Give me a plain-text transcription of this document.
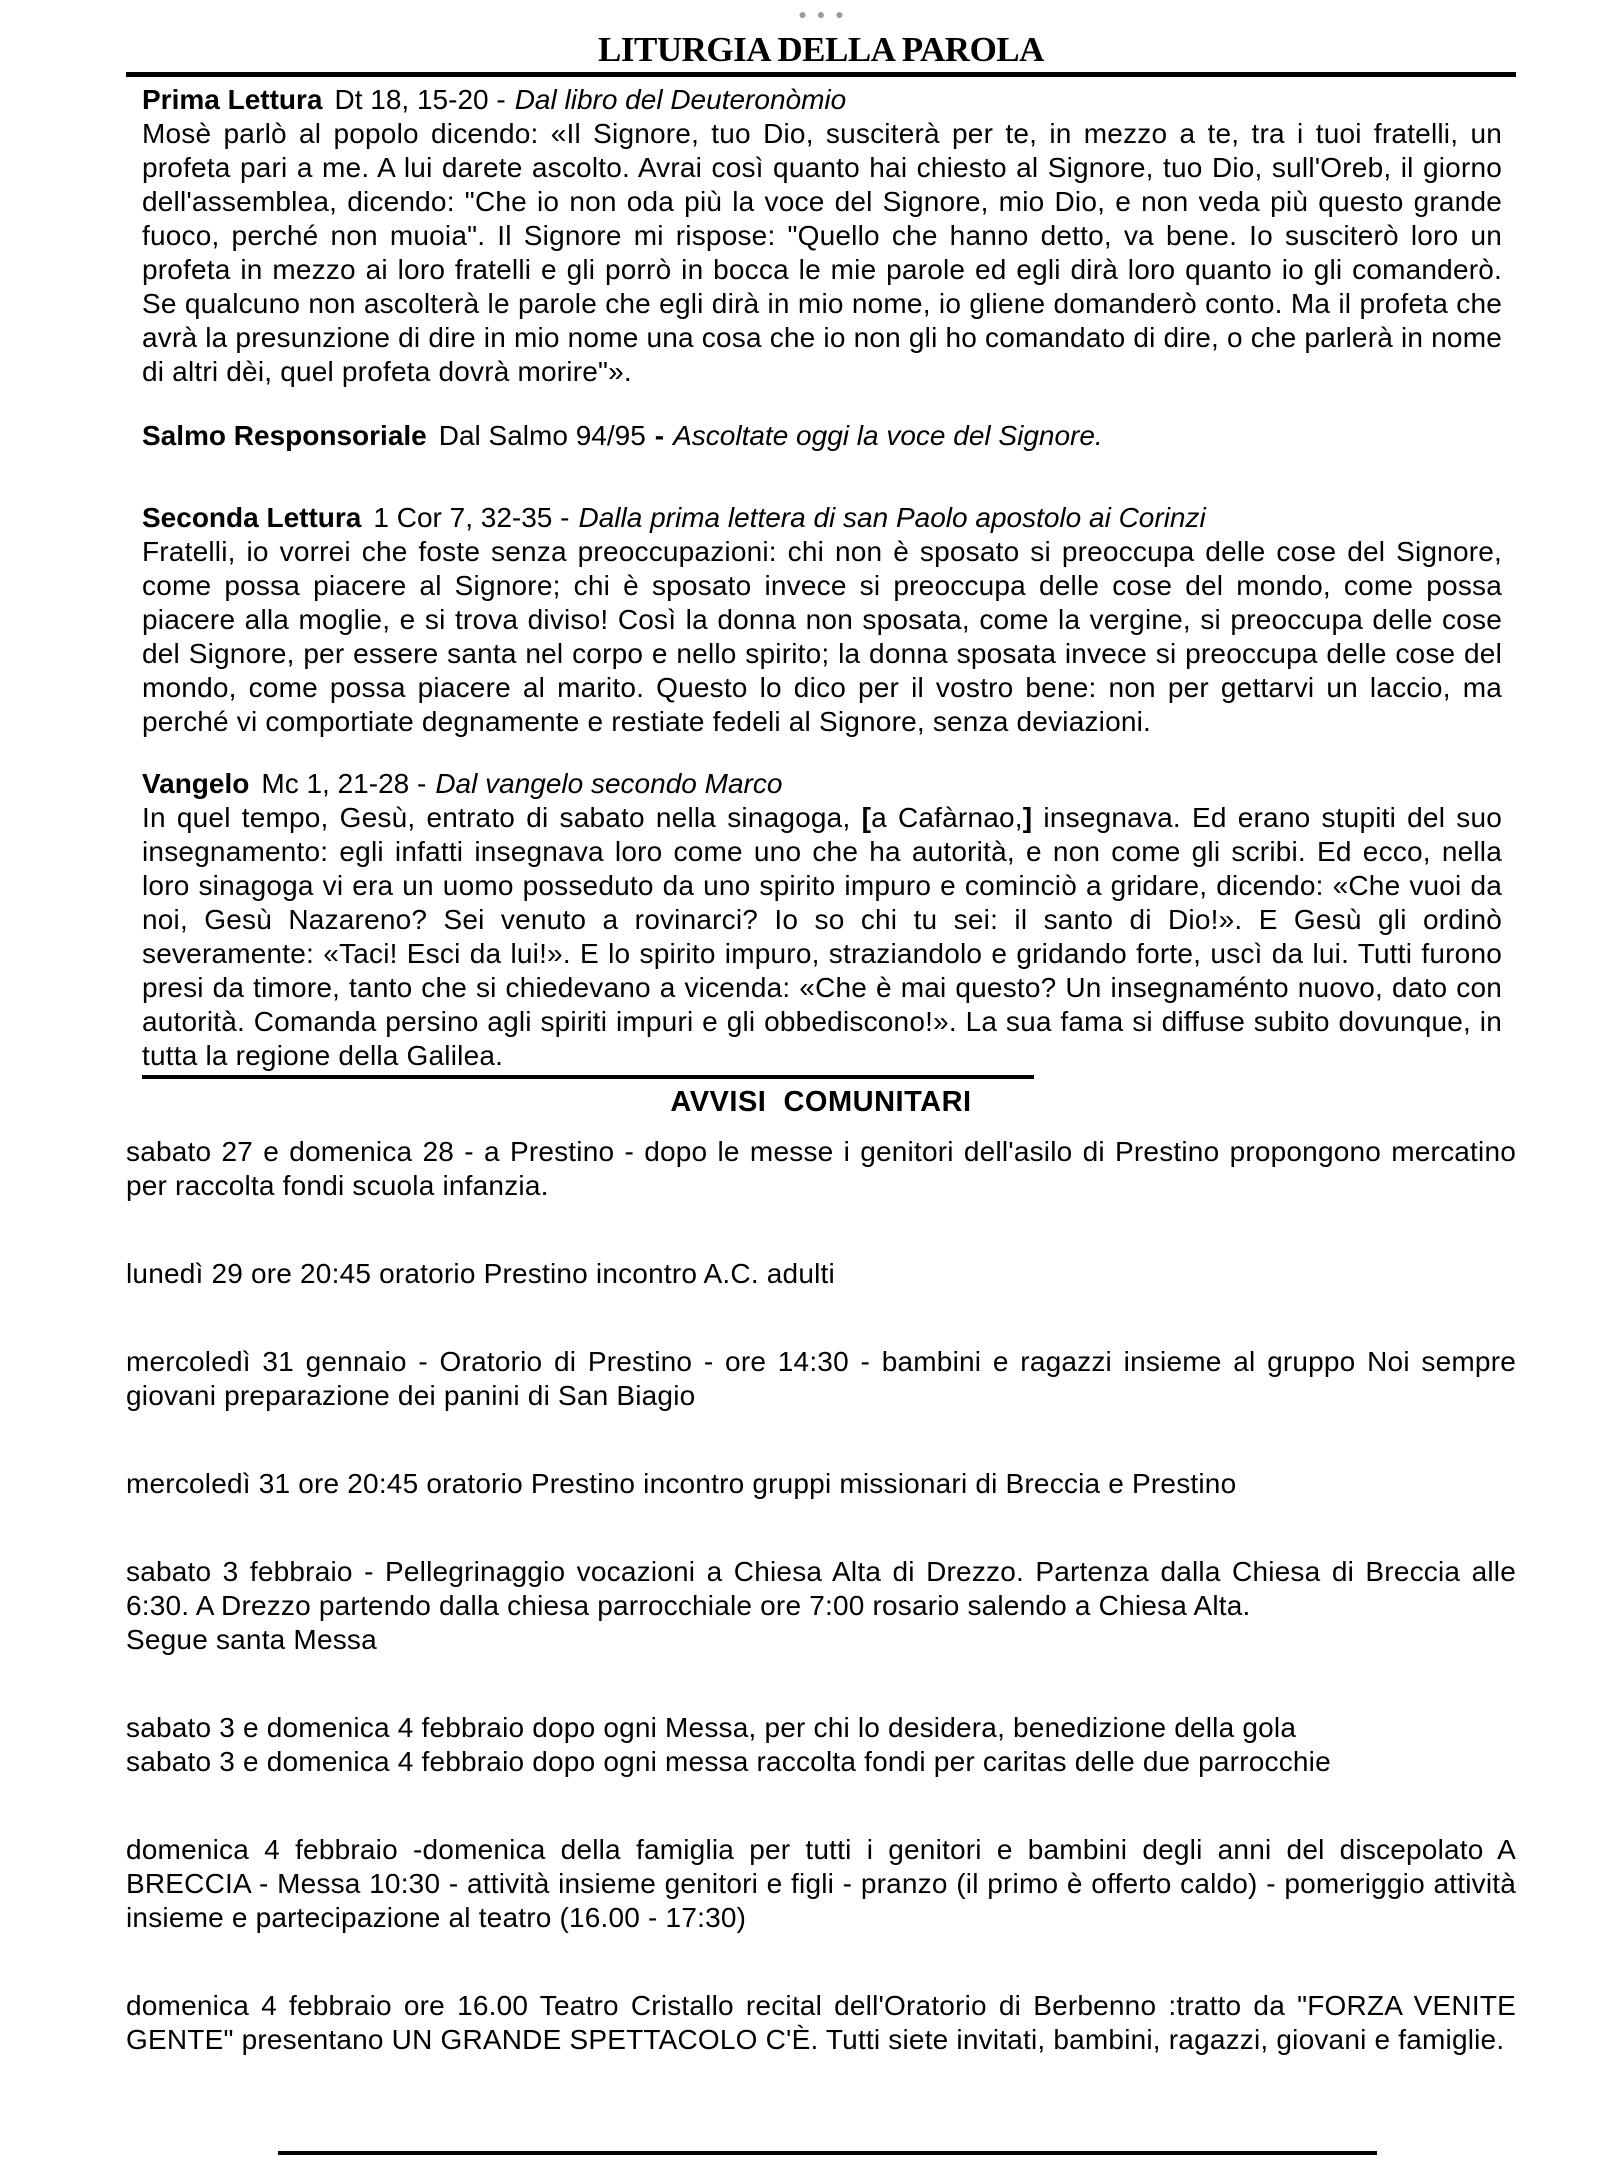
●●●
LITURGIA DELLA PAROLA

Prima Lettura Dt 18, 15-20 - Dal libro del Deuteronòmio

Mosè parlò al popolo dicendo: «Il Signore, tuo Dio, susciterà per te, in mezzo a te, tra i tuoi fratelli, un profeta pari a me. A lui darete ascolto. Avrai così quanto hai chiesto al Signore, tuo Dio, sull'Oreb, il giorno dell'assemblea, dicendo: "Che io non oda più la voce del Signore, mio Dio, e non veda più questo grande fuoco, perché non muoia". Il Signore mi rispose: "Quello che hanno detto, va bene. Io susciterò loro un profeta in mezzo ai loro fratelli e gli porrò in bocca le mie parole ed egli dirà loro quanto io gli comanderò. Se qualcuno non ascolterà le parole che egli dirà in mio nome, io gliene domanderò conto. Ma il profeta che avrà la presunzione di dire in mio nome una cosa che io non gli ho comandato di dire, o che parlerà in nome di altri dèi, quel profeta dovrà morire"».

Salmo Responsoriale Dal Salmo 94/95 - Ascoltate oggi la voce del Signore.

Seconda Lettura 1 Cor 7, 32-35 - Dalla prima lettera di san Paolo apostolo ai Corinzi

Fratelli, io vorrei che foste senza preoccupazioni: chi non è sposato si preoccupa delle cose del Signore, come possa piacere al Signore; chi è sposato invece si preoccupa delle cose del mondo, come possa piacere alla moglie, e si trova diviso! Così la donna non sposata, come la vergine, si preoccupa delle cose del Signore, per essere santa nel corpo e nello spirito; la donna sposata invece si preoccupa delle cose del mondo, come possa piacere al marito. Questo lo dico per il vostro bene: non per gettarvi un laccio, ma perché vi comportiate degnamente e restiate fedeli al Signore, senza deviazioni.

Vangelo Mc 1, 21-28 - Dal vangelo secondo Marco

In quel tempo, Gesù, entrato di sabato nella sinagoga, [a Cafàrnao,] insegnava. Ed erano stupiti del suo insegnamento: egli infatti insegnava loro come uno che ha autorità, e non come gli scribi. Ed ecco, nella loro sinagoga vi era un uomo posseduto da uno spirito impuro e cominciò a gridare, dicendo: «Che vuoi da noi, Gesù Nazareno? Sei venuto a rovinarci? Io so chi tu sei: il santo di Dio!». E Gesù gli ordinò severamente: «Taci! Esci da lui!». E lo spirito impuro, straziandolo e gridando forte, uscì da lui. Tutti furono presi da timore, tanto che si chiedevano a vicenda: «Che è mai questo? Un insegnaménto nuovo, dato con autorità. Comanda persino agli spiriti impuri e gli obbediscono!». La sua fama si diffuse subito dovunque, in tutta la regione della Galilea.

AVVISI  COMUNITARI

sabato 27 e domenica 28 - a Prestino - dopo le messe i genitori dell'asilo di Prestino propongono mercatino per raccolta fondi scuola infanzia.

lunedì 29 ore 20:45 oratorio Prestino incontro A.C. adulti

mercoledì 31 gennaio - Oratorio di Prestino - ore 14:30 - bambini e ragazzi insieme al gruppo Noi sempre giovani preparazione dei panini di San Biagio

mercoledì 31 ore 20:45 oratorio Prestino incontro gruppi missionari di Breccia e Prestino

sabato 3 febbraio - Pellegrinaggio vocazioni a Chiesa Alta di Drezzo. Partenza dalla Chiesa di Breccia alle 6:30. A Drezzo partendo dalla chiesa parrocchiale ore 7:00 rosario salendo a Chiesa Alta.
Segue santa Messa

sabato 3 e domenica 4 febbraio dopo ogni Messa, per chi lo desidera, benedizione della gola
sabato 3 e domenica 4 febbraio dopo ogni messa raccolta fondi per caritas delle due parrocchie

domenica 4 febbraio -domenica della famiglia per tutti i genitori e bambini degli anni del discepolato A BRECCIA - Messa 10:30 - attività insieme genitori e figli - pranzo (il primo è offerto caldo) - pomeriggio attività insieme e partecipazione al teatro (16.00 - 17:30)

domenica 4 febbraio ore 16.00 Teatro Cristallo recital dell'Oratorio di Berbenno :tratto da "FORZA VENITE GENTE" presentano UN GRANDE SPETTACOLO C'È. Tutti siete invitati, bambini, ragazzi, giovani e famiglie.
